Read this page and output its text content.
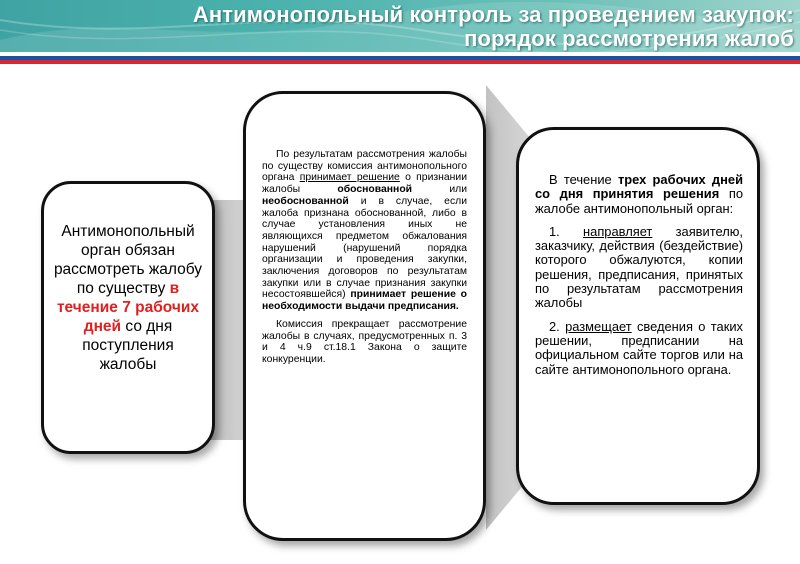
Антимонопольный контроль за проведением закупок:
порядок рассмотрения жалоб
Антимонопольный орган обязан рассмотреть жалобу по существу в течение 7 рабочих дней со дня поступления жалобы

По результатам рассмотрения жалобы по существу комиссия антимонопольного органа принимает решение о признании жалобы	обоснованной	или необоснованной и в случае, если жалоба признана обоснованной, либо в случае установления иных не являющихся предметом обжалования нарушений (нарушений порядка организации и проведения закупки, заключения договоров по результатам закупки или в случае признания закупки несостоявшейся) принимает решение о необходимости выдачи предписания.

Комиссия прекращает рассмотрение жалобы в случаях, предусмотренных п. 3 и 4 ч.9 ст.18.1 Закона о защите конкуренции.

В течение трех рабочих дней со дня принятия решения по жалобе антимонопольный орган:

1. направляет заявителю, заказчику, действия (бездействие) которого обжалуются, копии решения, предписания, принятых по результатам рассмотрения жалобы

2. размещает сведения о таких решении, предписании на официальном сайте торгов или на сайте антимонопольного органа.
